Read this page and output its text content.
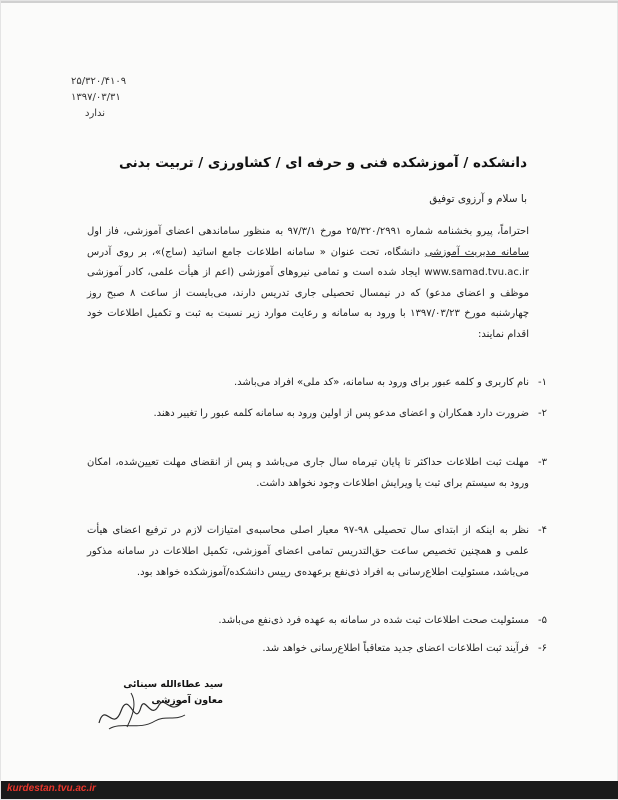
۲۵/۳۲۰/۴۱۰۹
۱۳۹۷/۰۳/۳۱
ندارد
دانشکده / آموزشکده فنی و حرفه ای / کشاورزی / تربیت بدنی
با سلام و آرزوی توفیق
احتراماً، پیرو بخشنامه شماره ۲۵/۳۲۰/۲۹۹۱ مورخ ۹۷/۳/۱ به منظور ساماندهی اعضای آموزشی، فاز اول سامانه مدیریت آموزشی دانشگاه، تحت عنوان « سامانه اطلاعات جامع اساتید (ساج)»، بر روی آدرس www.samad.tvu.ac.ir ایجاد شده است و تمامی نیروهای آموزشی (اعم از هیأت علمی، کادر آموزشی موظف و اعضای مدعو) که در نیمسال تحصیلی جاری تدریس دارند، می‌بایست از ساعت ۸ صبح روز چهارشنبه مورخ ۱۳۹۷/۰۳/۲۳ با ورود به سامانه و رعایت موارد زیر نسبت به ثبت و تکمیل اطلاعات خود اقدام نمایند:
۱-
نام کاربری و کلمه عبور برای ورود به سامانه، «کد ملی» افراد می‌باشد.
۲-
ضرورت دارد همکاران و اعضای مدعو پس از اولین ورود به سامانه کلمه عبور را تغییر دهند.
۳-
مهلت ثبت اطلاعات حداکثر تا پایان تیرماه سال جاری می‌باشد و پس از انقضای مهلت تعیین‌شده، امکان ورود به سیستم برای ثبت یا ویرایش اطلاعات وجود نخواهد داشت.
۴-
نظر به اینکه از ابتدای سال تحصیلی ۹۸-۹۷ معیار اصلی محاسبه‌ی امتیازات لازم در ترفیع اعضای هیأت علمی و همچنین تخصیص ساعت حق‌التدریس تمامی اعضای آموزشی، تکمیل اطلاعات در سامانه مذکور می‌باشد، مسئولیت اطلاع‌رسانی به افراد ذی‌نفع برعهده‌ی رییس دانشکده/آموزشکده خواهد بود.
۵-
مسئولیت صحت اطلاعات ثبت شده در سامانه به عهده فرد ذی‌نفع می‌باشد.
۶-
فرآیند ثبت اطلاعات اعضای جدید متعاقباً اطلاع‌رسانی خواهد شد.
سید عطاءالله سینائی
معاون آموزشی
kurdestan.tvu.ac.ir
